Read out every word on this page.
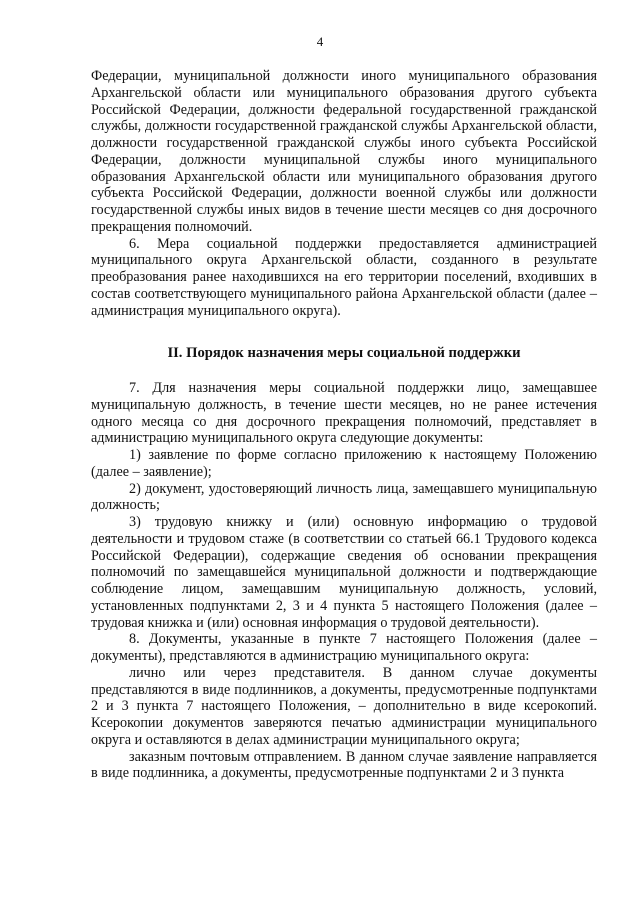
4

Федерации, муниципальной должности иного муниципального образования Архангельской области или муниципального образования другого субъекта Российской Федерации, должности федеральной государственной гражданской службы, должности государственной гражданской службы Архангельской области, должности государственной гражданской службы иного субъекта Российской Федерации, должности муниципальной службы иного муниципального образования Архангельской области или муниципального образования другого субъекта Российской Федерации, должности военной службы или должности государственной службы иных видов в течение шести месяцев со дня досрочного прекращения полномочий.

6. Мера социальной поддержки предоставляется администрацией муниципального округа Архангельской области, созданного в результате преобразования ранее находившихся на его территории поселений, входивших в состав соответствующего муниципального района Архангельской области (далее – администрация муниципального округа).

II. Порядок назначения меры социальной поддержки

7. Для назначения меры социальной поддержки лицо, замещавшее муниципальную должность, в течение шести месяцев, но не ранее истечения одного месяца со дня досрочного прекращения полномочий, представляет в администрацию муниципального округа следующие документы:

1) заявление по форме согласно приложению к настоящему Положению (далее – заявление);

2) документ, удостоверяющий личность лица, замещавшего муниципальную должность;

3) трудовую книжку и (или) основную информацию о трудовой деятельности и трудовом стаже (в соответствии со статьей 66.1 Трудового кодекса Российской Федерации), содержащие сведения об основании прекращения полномочий по замещавшейся муниципальной должности и подтверждающие соблюдение лицом, замещавшим муниципальную должность, условий, установленных подпунктами 2, 3 и 4 пункта 5 настоящего Положения (далее – трудовая книжка и (или) основная информация о трудовой деятельности).

8. Документы, указанные в пункте 7 настоящего Положения (далее – документы), представляются в администрацию муниципального округа:

лично или через представителя. В данном случае документы представляются в виде подлинников, а документы, предусмотренные подпунктами 2 и 3 пункта 7 настоящего Положения, – дополнительно в виде ксерокопий. Ксерокопии документов заверяются печатью администрации муниципального округа и оставляются в делах администрации муниципального округа;

заказным почтовым отправлением. В данном случае заявление направляется в виде подлинника, а документы, предусмотренные подпунктами 2 и 3 пункта
